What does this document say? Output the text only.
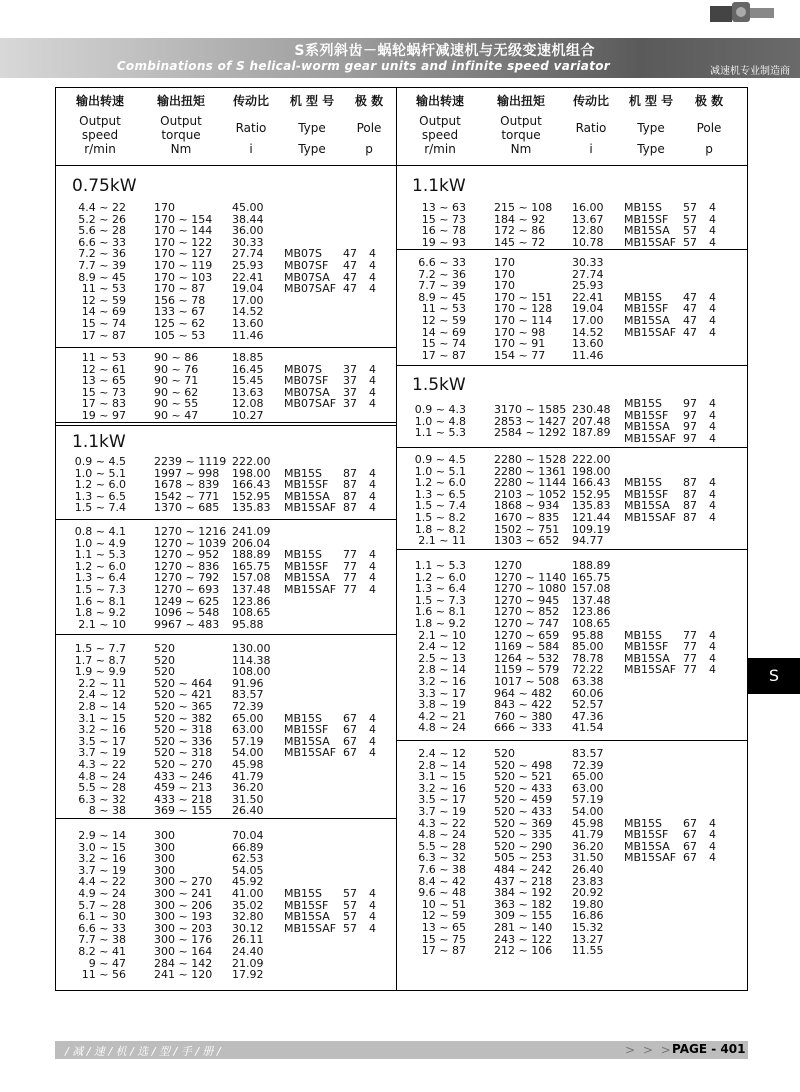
S系列斜齿－蜗轮蜗杆减速机与无级变速机组合
Combinations of S helical-worm gear units and infinite speed variator	减速机专业制造商
输出转速
Output
speed
r/min
输出扭矩
Output
torque
Nm
传动比
Ratio
i
机 型 号
Type
Type
极 数
Pole
p
输出转速
Output
speed
r/min
输出扭矩
Output
torque
Nm
传动比
Ratio
i
机 型 号
Type
Type
极 数
Pole
p
0.75kW
1.1kW
1.1kW
1.5kW
4.4 ~ 22
5.2 ~ 26
5.6 ~ 28
6.6 ~ 33
7.2 ~ 36
7.7 ~ 39
8.9 ~ 45
11 ~ 53
12 ~ 59
14 ~ 69
15 ~ 74
17 ~ 87
170
170 ~ 154
170 ~ 144
170 ~ 122
170 ~ 127
170 ~ 119
170 ~ 103
170 ~ 87
156 ~ 78
133 ~ 67
125 ~ 62
105 ~ 53
45.00
38.44
36.00
30.33
27.74
25.93
22.41
19.04
17.00
14.52
13.60
11.46
MB07S 47 4
MB07SF 47 4
MB07SA 47 4
MB07SAF 47 4
11 ~ 53
12 ~ 61
13 ~ 65
15 ~ 73
17 ~ 83
19 ~ 97
90 ~ 86
90 ~ 76
90 ~ 71
90 ~ 62
90 ~ 55
90 ~ 47
18.85
16.45
15.45
13.63
12.08
10.27
MB07S 37 4
MB07SF 37 4
MB07SA 37 4
MB07SAF 37 4
0.9 ~ 4.5
1.0 ~ 5.1
1.2 ~ 6.0
1.3 ~ 6.5
1.5 ~ 7.4
2239 ~ 1119
1997 ~ 998
1678 ~ 839
1542 ~ 771
1370 ~ 685
222.00
198.00
166.43
152.95
135.83
MB15S 87 4
MB15SF 87 4
MB15SA 87 4
MB15SAF 87 4
0.8 ~ 4.1
1.0 ~ 4.9
1.1 ~ 5.3
1.2 ~ 6.0
1.3 ~ 6.4
1.5 ~ 7.3
1.6 ~ 8.1
1.8 ~ 9.2
2.1 ~ 10
1270 ~ 1216
1270 ~ 1039
1270 ~ 952
1270 ~ 836
1270 ~ 792
1270 ~ 693
1249 ~ 625
1096 ~ 548
9967 ~ 483
241.09
206.04
188.89
165.75
157.08
137.48
123.86
108.65
95.88
MB15S 77 4
MB15SF 77 4
MB15SA 77 4
MB15SAF 77 4
1.5 ~ 7.7
1.7 ~ 8.7
1.9 ~ 9.9
2.2 ~ 11
2.4 ~ 12
2.8 ~ 14
3.1 ~ 15
3.2 ~ 16
3.5 ~ 17
3.7 ~ 19
4.3 ~ 22
4.8 ~ 24
5.5 ~ 28
6.3 ~ 32
8 ~ 38
520
520
520
520 ~ 464
520 ~ 421
520 ~ 365
520 ~ 382
520 ~ 318
520 ~ 336
520 ~ 318
520 ~ 270
433 ~ 246
459 ~ 213
433 ~ 218
369 ~ 155
130.00
114.38
108.00
91.96
83.57
72.39
65.00
63.00
57.19
54.00
45.98
41.79
36.20
31.50
26.40
MB15S 67 4
MB15SF 67 4
MB15SA 67 4
MB15SAF 67 4
2.9 ~ 14
3.0 ~ 15
3.2 ~ 16
3.7 ~ 19
4.4 ~ 22
4.9 ~ 24
5.7 ~ 28
6.1 ~ 30
6.6 ~ 33
7.7 ~ 38
8.2 ~ 41
9 ~ 47
11 ~ 56
300
300
300
300
300 ~ 270
300 ~ 241
300 ~ 206
300 ~ 193
300 ~ 203
300 ~ 176
300 ~ 164
284 ~ 142
241 ~ 120
70.04
66.89
62.53
54.05
45.92
41.00
35.02
32.80
30.12
26.11
24.40
21.09
17.92
MB15S 57 4
MB15SF 57 4
MB15SA 57 4
MB15SAF 57 4
13 ~ 63
15 ~ 73
16 ~ 78
19 ~ 93
215 ~ 108
184 ~ 92
172 ~ 86
145 ~ 72
16.00
13.67
12.80
10.78
MB15S 57 4
MB15SF 57 4
MB15SA 57 4
MB15SAF 57 4
6.6 ~ 33
7.2 ~ 36
7.7 ~ 39
8.9 ~ 45
11 ~ 53
12 ~ 59
14 ~ 69
15 ~ 74
17 ~ 87
170
170
170
170 ~ 151
170 ~ 128
170 ~ 114
170 ~ 98
170 ~ 91
154 ~ 77
30.33
27.74
25.93
22.41
19.04
17.00
14.52
13.60
11.46
MB15S 47 4
MB15SF 47 4
MB15SA 47 4
MB15SAF 47 4
0.9 ~ 4.3
1.0 ~ 4.8
1.1 ~ 5.3
3170 ~ 1585
2853 ~ 1427
2584 ~ 1292
230.48
207.48
187.89
MB15S 97 4
MB15SF 97 4
MB15SA 97 4
MB15SAF 97 4
0.9 ~ 4.5
1.0 ~ 5.1
1.2 ~ 6.0
1.3 ~ 6.5
1.5 ~ 7.4
1.5 ~ 8.2
1.8 ~ 8.2
2.1 ~ 11
2280 ~ 1528
2280 ~ 1361
2280 ~ 1144
2103 ~ 1052
1868 ~ 934
1670 ~ 835
1502 ~ 751
1303 ~ 652
222.00
198.00
166.43
152.95
135.83
121.44
109.19
94.77
MB15S 87 4
MB15SF 87 4
MB15SA 87 4
MB15SAF 87 4
1.1 ~ 5.3
1.2 ~ 6.0
1.3 ~ 6.4
1.5 ~ 7.3
1.6 ~ 8.1
1.8 ~ 9.2
2.1 ~ 10
2.4 ~ 12
2.5 ~ 13
2.8 ~ 14
3.2 ~ 16
3.3 ~ 17
3.8 ~ 19
4.2 ~ 21
4.8 ~ 24
1270
1270 ~ 1140
1270 ~ 1080
1270 ~ 945
1270 ~ 852
1270 ~ 747
1270 ~ 659
1169 ~ 584
1264 ~ 532
1159 ~ 579
1017 ~ 508
964 ~ 482
843 ~ 422
760 ~ 380
666 ~ 333
188.89
165.75
157.08
137.48
123.86
108.65
95.88
85.00
78.78
72.22
63.38
60.06
52.57
47.36
41.54
MB15S 77 4
MB15SF 77 4
MB15SA 77 4
MB15SAF 77 4
2.4 ~ 12
2.8 ~ 14
3.1 ~ 15
3.2 ~ 16
3.5 ~ 17
3.7 ~ 19
4.3 ~ 22
4.8 ~ 24
5.5 ~ 28
6.3 ~ 32
7.6 ~ 38
8.4 ~ 42
9.6 ~ 48
10 ~ 51
12 ~ 59
13 ~ 65
15 ~ 75
17 ~ 87
520
520 ~ 498
520 ~ 521
520 ~ 433
520 ~ 459
520 ~ 433
520 ~ 369
520 ~ 335
520 ~ 290
505 ~ 253
484 ~ 242
437 ~ 218
384 ~ 192
363 ~ 182
309 ~ 155
281 ~ 140
243 ~ 122
212 ~ 106
83.57
72.39
65.00
63.00
57.19
54.00
45.98
41.79
36.20
31.50
26.40
23.83
20.92
19.80
16.86
15.32
13.27
11.55
MB15S 67 4
MB15SF 67 4
MB15SA 67 4
MB15SAF 67 4
S
/ 减 / 速 / 机 / 选 / 型 / 手 / 册 /	> > > PAGE - 401
